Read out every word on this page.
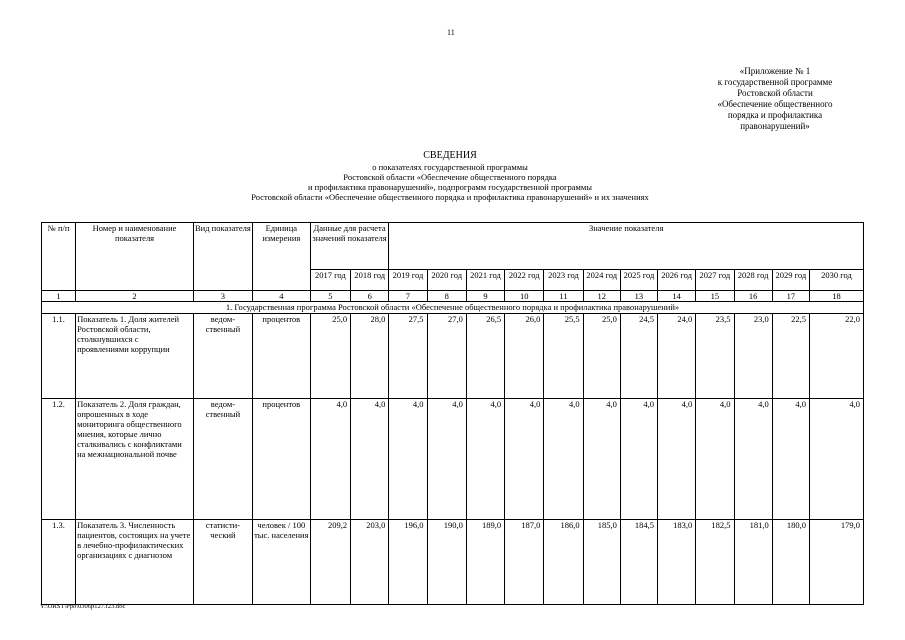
11
«Приложение № 1
к государственной программе
Ростовской области
«Обеспечение общественного
порядка и профилактика
правонарушений»
СВЕДЕНИЯ
о показателях государственной программы
Ростовской области «Обеспечение общественного порядка
и профилактика правонарушений», подпрограмм государственной программы
Ростовской области «Обеспечение общественного порядка и профилактика правонарушений» и их значениях
№ п/п	Номер и наименование показателя	Вид показателя	Единица измерения	Данные для расчета значений показателя		Значение показателя											
				2017 год	2018 год	2019 год	2020 год	2021 год	2022 год	2023 год	2024 год	2025 год	2026 год	2027 год	2028 год	2029 год	2030 год
1	2	3	4	5	6	7	8	9	10	11	12	13	14	15	16	17	18
1. Государственная программа Ростовской области «Обеспечение общественного порядка и профилактика правонарушений»																	
1.1.	Показатель 1. Доля жителей Ростовской области, столкнувшихся с проявлениями коррупции	ведом-ственный	процентов	25,0	28,0	27,5	27,0	26,5	26,0	25,5	25,0	24,5	24,0	23,5	23,0	22,5	22,0
1.2.	Показатель 2. Доля граждан, опрошенных в ходе мониторинга общественного мнения, которые лично сталкивались с конфликтами на межнациональной почве	ведом-ственный	процентов	4,0	4,0	4,0	4,0	4,0	4,0	4,0	4,0	4,0	4,0	4,0	4,0	4,0	4,0
1.3.	Показатель 3. Численность пациентов, состоящих на учете в лечебно-профилактических организациях с диагнозом	статисти-ческий	человек / 100 тыс. населения	209,2	203,0	196,0	190,0	189,0	187,0	186,0	185,0	184,5	183,0	182,5	181,0	180,0	179,0
Y:\ORST\Ppo\0306p127.f23.doc
